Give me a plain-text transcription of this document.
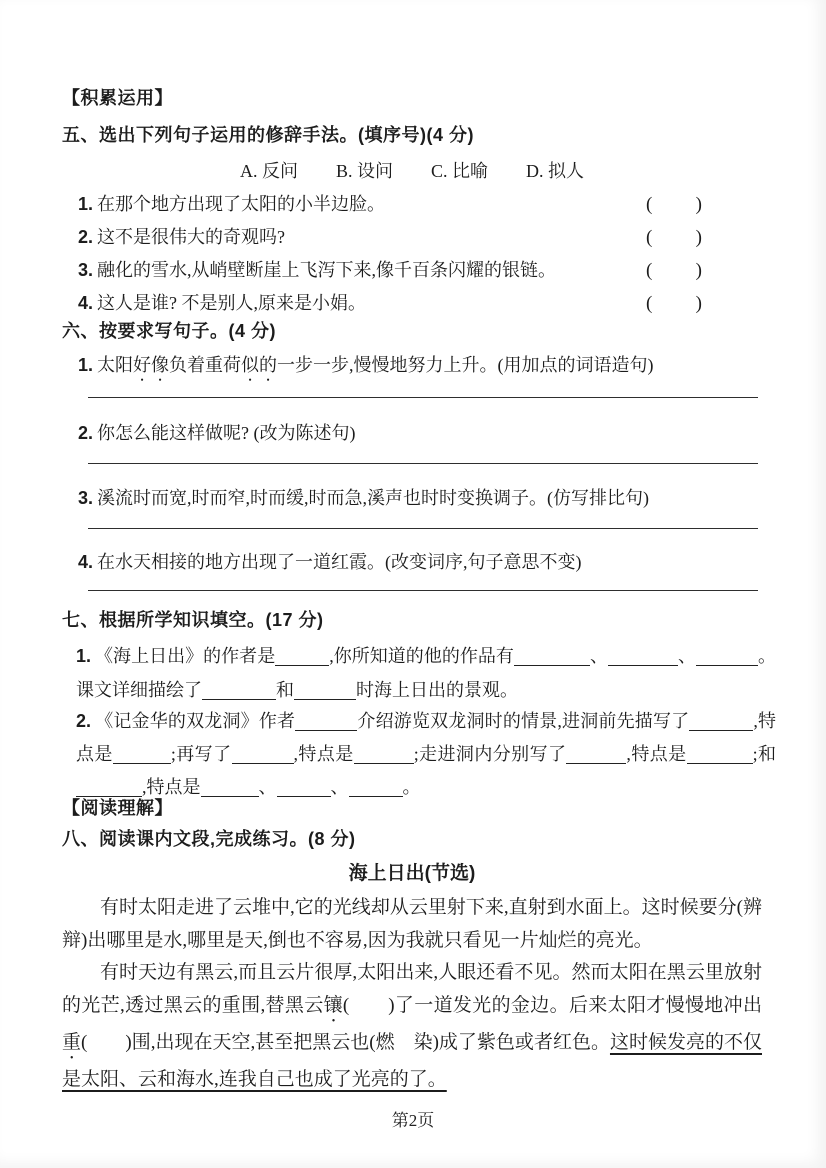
【积累运用】
五、选出下列句子运用的修辞手法。(填序号)(4 分)
A. 反问 B. 设问 C. 比喻 D. 拟人
1. 在那个地方出现了太阳的小半边脸。	( )
2. 这不是很伟大的奇观吗?	( )
3. 融化的雪水,从峭壁断崖上飞泻下来,像千百条闪耀的银链。	( )
4. 这人是谁? 不是别人,原来是小娟。	( )
六、按要求写句子。(4 分)
1. 太阳好像负着重荷似的一步一步,慢慢地努力上升。(用加点的词语造句)
2. 你怎么能这样做呢? (改为陈述句)
3. 溪流时而宽,时而窄,时而缓,时而急,溪声也时时变换调子。(仿写排比句)
4. 在水天相接的地方出现了一道红霞。(改变词序,句子意思不变)
七、根据所学知识填空。(17 分)
1. 《海上日出》的作者是	,你所知道的他的作品有	、	、	。课文详细描绘了	和	时海上日出的景观。
2. 《记金华的双龙洞》作者	介绍游览双龙洞时的情景,进洞前先描写了	,特点是	;再写了	,特点是	;走进洞内分别写了	,特点是	;和,特点是	、	、	。
【阅读理解】
八、阅读课内文段,完成练习。(8 分)
海上日出(节选)

有时太阳走进了云堆中,它的光线却从云里射下来,直射到水面上。这时候要分(辨　辩)出哪里是水,哪里是天,倒也不容易,因为我就只看见一片灿烂的亮光。

有时天边有黑云,而且云片很厚,太阳出来,人眼还看不见。然而太阳在黑云里放射的光芒,透过黑云的重围,替黑云镶(　　)了一道发光的金边。后来太阳才慢慢地冲出重(　　)围,出现在天空,甚至把黑云也(燃　染)成了紫色或者红色。这时候发亮的不仅是太阳、云和海水,连我自己也成了光亮的了。

第2页
